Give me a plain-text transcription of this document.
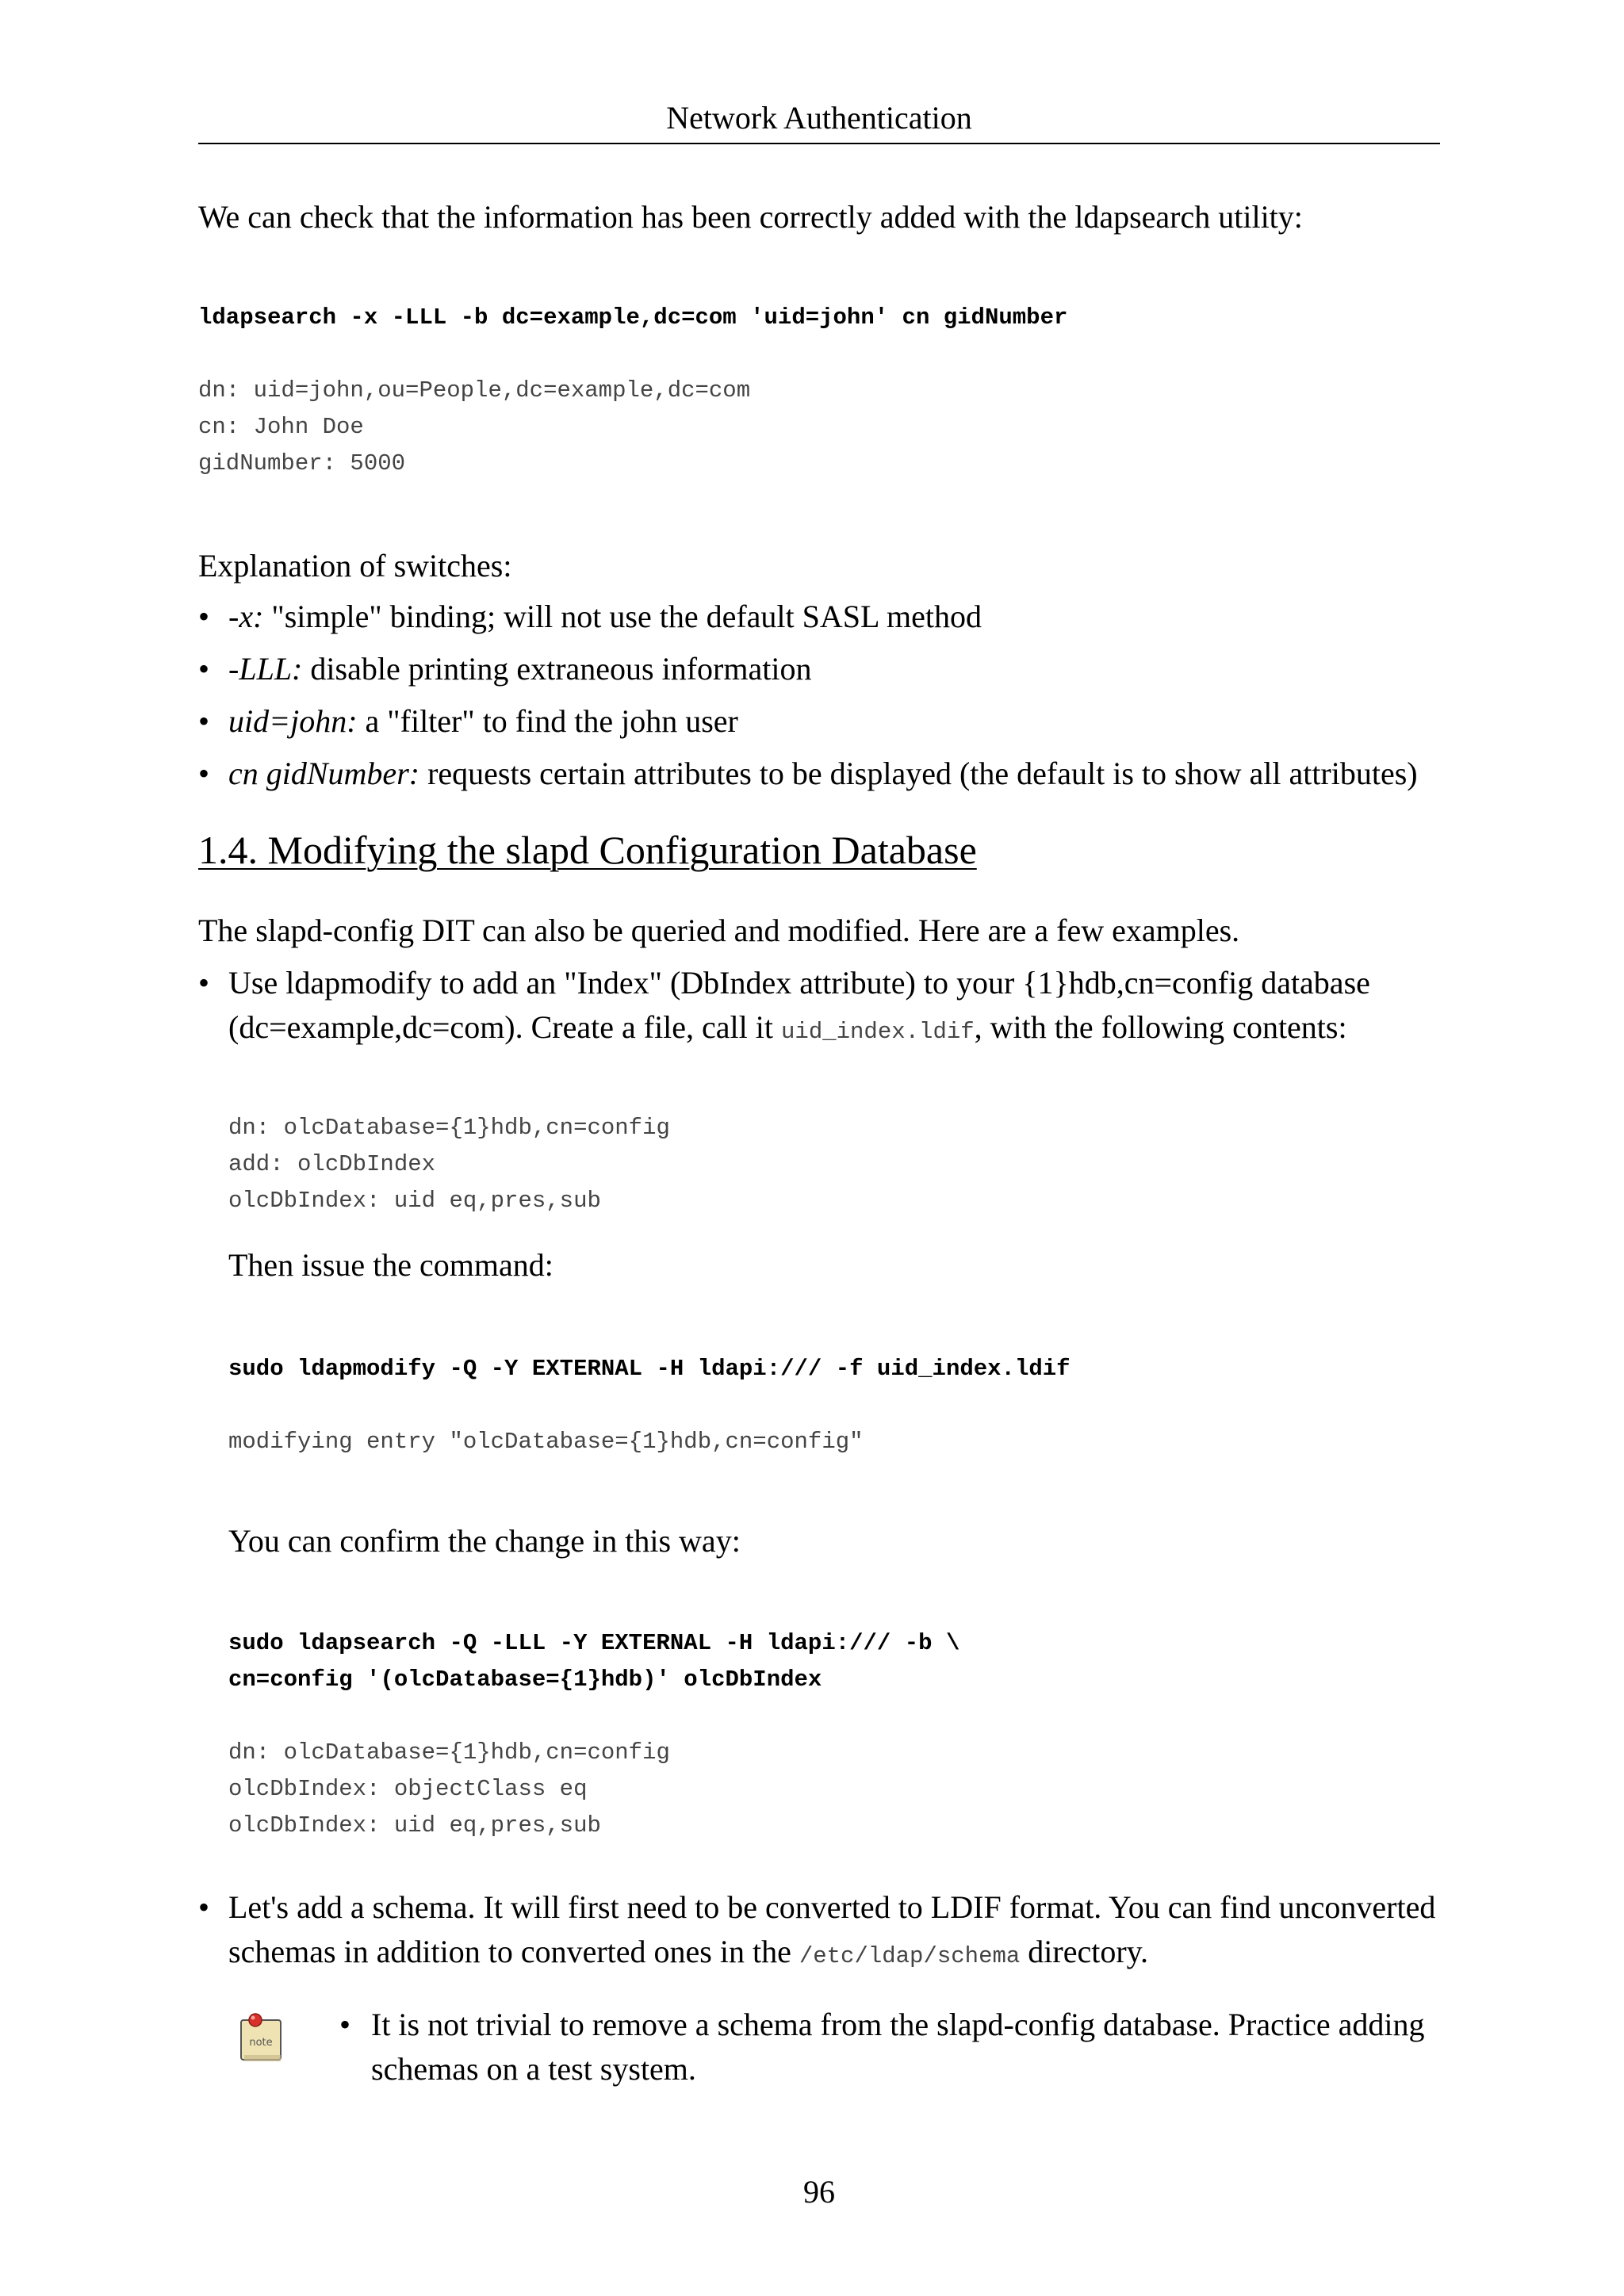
Network Authentication

We can check that the information has been correctly added with the ldapsearch utility:

ldapsearch -x -LLL -b dc=example,dc=com 'uid=john' cn gidNumber
dn: uid=john,ou=People,dc=example,dc=com
cn: John Doe
gidNumber: 5000

Explanation of switches:

• -x: "simple" binding; will not use the default SASL method
• -LLL: disable printing extraneous information
• uid=john: a "filter" to find the john user
• cn gidNumber: requests certain attributes to be displayed (the default is to show all attributes)
1.4. Modifying the slapd Configuration Database

The slapd-config DIT can also be queried and modified. Here are a few examples.

• Use ldapmodify to add an "Index" (DbIndex attribute) to your {1}hdb,cn=config database
(dc=example,dc=com). Create a file, call it uid_index.ldif, with the following contents:

dn: olcDatabase={1}hdb,cn=config
add: olcDbIndex
olcDbIndex: uid eq,pres,sub

Then issue the command:

sudo ldapmodify -Q -Y EXTERNAL -H ldapi:/// -f uid_index.ldif
modifying entry "olcDatabase={1}hdb,cn=config"

You can confirm the change in this way:

sudo ldapsearch -Q -LLL -Y EXTERNAL -H ldapi:/// -b \
cn=config '(olcDatabase={1}hdb)' olcDbIndex
dn: olcDatabase={1}hdb,cn=config
olcDbIndex: objectClass eq
olcDbIndex: uid eq,pres,sub
• Let's add a schema. It will first need to be converted to LDIF format. You can find unconverted
schemas in addition to converted ones in the /etc/ldap/schema directory.

note
• It is not trivial to remove a schema from the slapd-config database. Practice adding
schemas on a test system.

96
